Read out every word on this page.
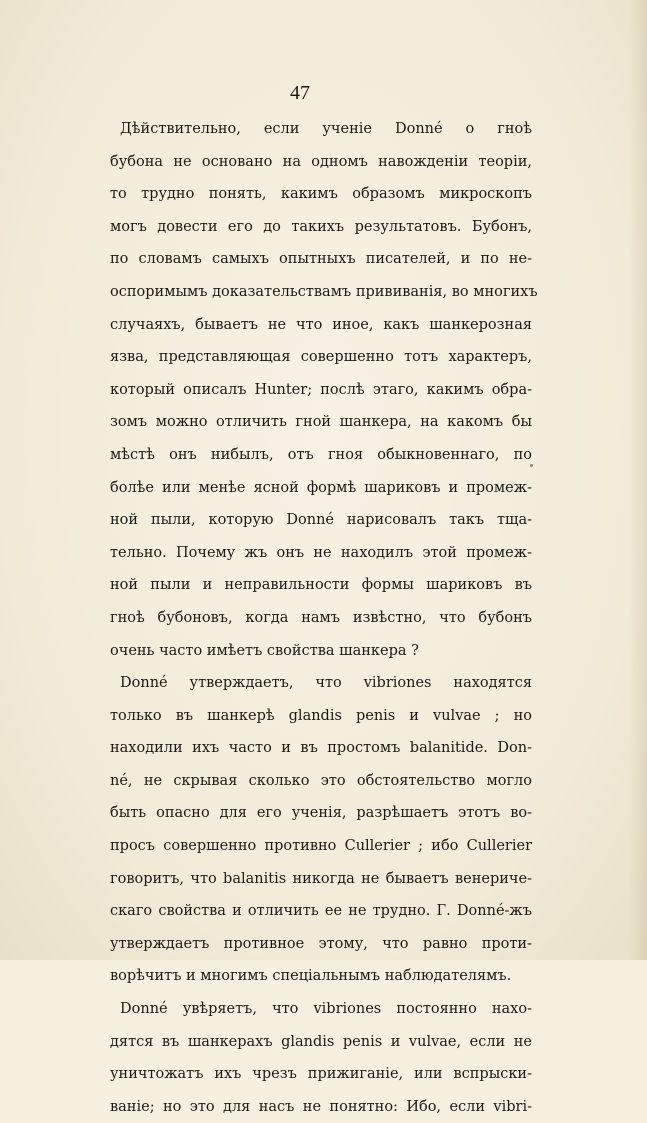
47
Дѣйствительно, если ученіе Donné о гноѣ
бубона не основано на одномъ навожденіи теоріи,
то трудно понять, какимъ образомъ микроскопъ
могъ довести его до такихъ результатовъ. Бубонъ,
по словамъ самыхъ опытныхъ писателей, и по не-
оспоримымъ доказательствамъ прививанія, во многихъ
случаяхъ, бываетъ не что иное, какъ шанкерозная
язва, представляющая совершенно тотъ характеръ,
который описалъ Hunter; послѣ этаго, какимъ обра-
зомъ можно отличить гной шанкера, на какомъ бы
мѣстѣ онъ нибылъ, отъ гноя обыкновеннаго, по
болѣе или менѣе ясной формѣ шариковъ и промеж-
ной пыли, которую Donné нарисовалъ такъ тща-
тельно. Почему жъ онъ не находилъ этой промеж-
ной пыли и неправильности формы шариковъ въ
гноѣ бубоновъ, когда намъ извѣстно, что бубонъ
очень часто имѣетъ свойства шанкера ?
Donné утверждаетъ, что vibriones находятся
только въ шанкерѣ glandis penis и vulvae ; но
находили ихъ часто и въ простомъ balanitide. Don-
né, не скрывая сколько это обстоятельство могло
быть опасно для его ученія, разрѣшаетъ этотъ во-
просъ совершенно противно Cullerier ; ибо Cullerier
говоритъ, что balanitis никогда не бываетъ венериче-
скаго свойства и отличить ее не трудно. Г. Donné-жъ
утверждаетъ противное этому, что равно проти-
ворѣчитъ и многимъ спеціальнымъ наблюдателямъ.
Donné увѣряетъ, что vibriones постоянно нахо-
дятся въ шанкерахъ glandis penis и vulvae, если не
уничтожатъ ихъ чрезъ прижиганіе, или вспрыски-
ваніе; но это для насъ не понятно: Ибо, если vibri-
